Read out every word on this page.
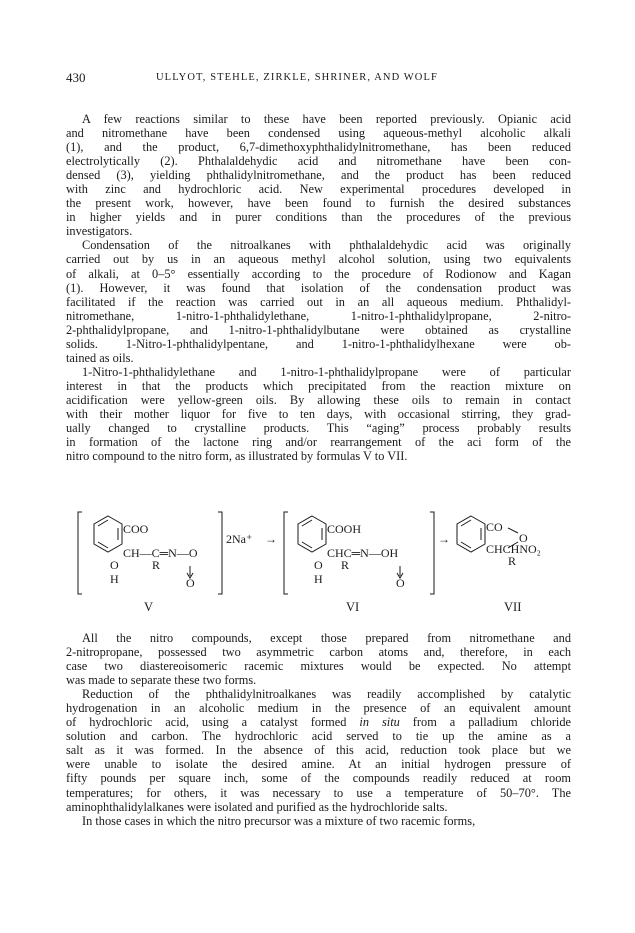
430	ULLYOT, STEHLE, ZIRKLE, SHRINER, AND WOLF
A few reactions similar to these have been reported previously. Opianic acid
and nitromethane have been condensed using aqueous-methyl alcoholic alkali
(1), and the product, 6,7-dimethoxyphthalidylnitromethane, has been reduced
electrolytically (2). Phthalaldehydic acid and nitromethane have been con-
densed (3), yielding phthalidylnitromethane, and the product has been reduced
with zinc and hydrochloric acid. New experimental procedures developed in
the present work, however, have been found to furnish the desired substances
in higher yields and in purer conditions than the procedures of the previous
investigators.
Condensation of the nitroalkanes with phthalaldehydic acid was originally
carried out by us in an aqueous methyl alcohol solution, using two equivalents
of alkali, at 0–5° essentially according to the procedure of Rodionow and Kagan
(1). However, it was found that isolation of the condensation product was
facilitated if the reaction was carried out in an all aqueous medium. Phthalidyl-
nitromethane, 1-nitro-1-phthalidylethane, 1-nitro-1-phthalidylpropane, 2-nitro-
2-phthalidylpropane, and 1-nitro-1-phthalidylbutane were obtained as crystalline
solids. 1-Nitro-1-phthalidylpentane, and 1-nitro-1-phthalidylhexane were ob-
tained as oils.
1-Nitro-1-phthalidylethane and 1-nitro-1-phthalidylpropane were of particular
interest in that the products which precipitated from the reaction mixture on
acidification were yellow-green oils. By allowing these oils to remain in contact
with their mother liquor for five to ten days, with occasional stirring, they grad-
ually changed to crystalline products. This “aging” process probably results
in formation of the lactone ring and/or rearrangement of the aci form of the
nitro compound to the nitro form, as illustrated by formulas V to VII.
COO
CH—C═N—O
O	R
H	O
V
2Na⁺ →
COOH
CHC═N—OH
O R
H	O
VI
→
CO
O
CHCHNO₂
R
VII
All the nitro compounds, except those prepared from nitromethane and
2-nitropropane, possessed two asymmetric carbon atoms and, therefore, in each
case two diastereoisomeric racemic mixtures would be expected. No attempt
was made to separate these two forms.
Reduction of the phthalidylnitroalkanes was readily accomplished by catalytic
hydrogenation in an alcoholic medium in the presence of an equivalent amount
of hydrochloric acid, using a catalyst formed in situ from a palladium chloride
solution and carbon. The hydrochloric acid served to tie up the amine as a
salt as it was formed. In the absence of this acid, reduction took place but we
were unable to isolate the desired amine. At an initial hydrogen pressure of
fifty pounds per square inch, some of the compounds readily reduced at room
temperatures; for others, it was necessary to use a temperature of 50–70°. The
aminophthalidylalkanes were isolated and purified as the hydrochloride salts.
In those cases in which the nitro precursor was a mixture of two racemic forms,
